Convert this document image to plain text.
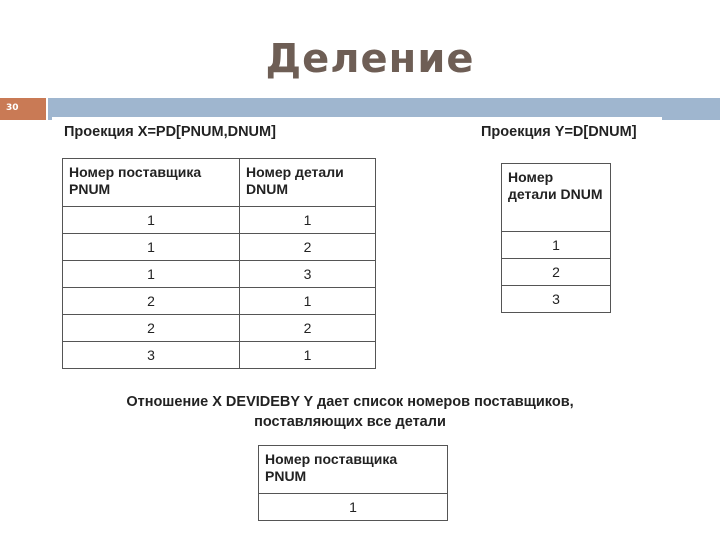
Деление
30
Проекция X=PD[PNUM,DNUM]
Номер поставщика PNUM	Номер детали DNUM
1	1
1	2
1	3
2	1
2	2
3	1
Проекция Y=D[DNUM]
Номер детали DNUM
1
2
3
Отношение X DEVIDEBY Y дает список номеров поставщиков,
поставляющих все детали
Номер поставщика PNUM
1
